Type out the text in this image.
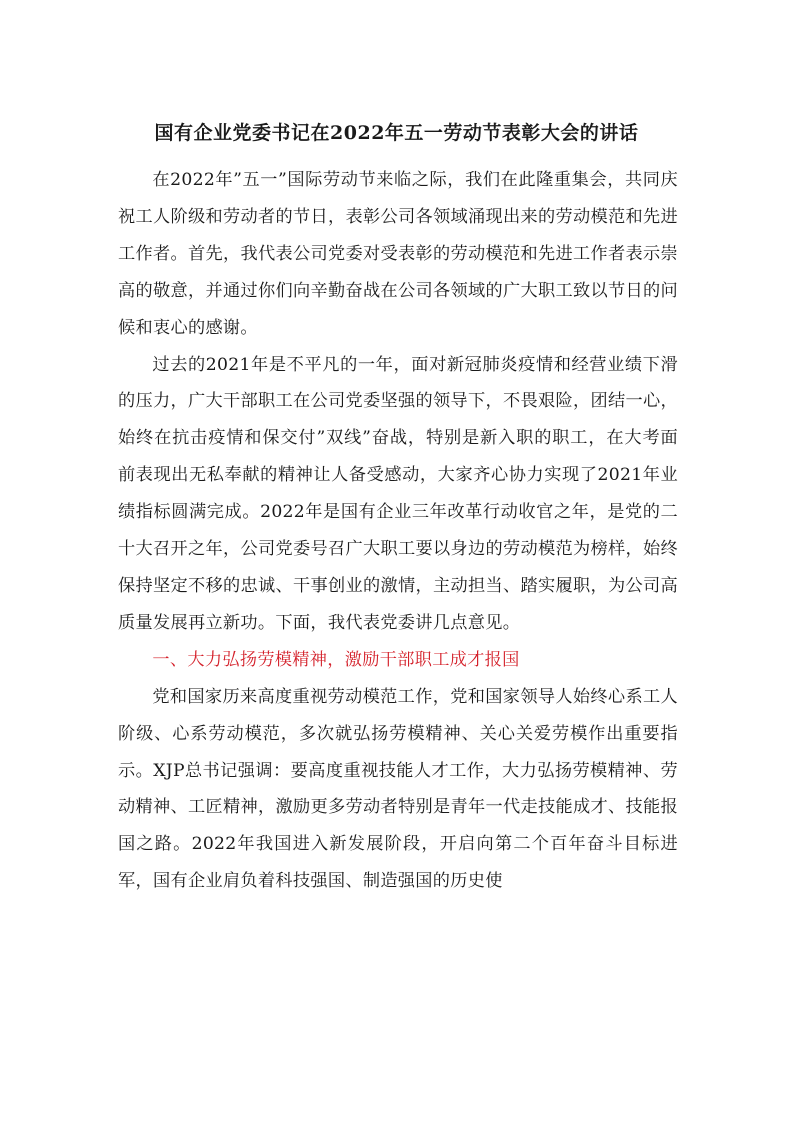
国有企业党委书记在2022年五一劳动节表彰大会的讲话

在2022年”五一”国际劳动节来临之际，我们在此隆重集会，共同庆祝工人阶级和劳动者的节日，表彰公司各领域涌现出来的劳动模范和先进工作者。首先，我代表公司党委对受表彰的劳动模范和先进工作者表示崇高的敬意，并通过你们向辛勤奋战在公司各领域的广大职工致以节日的问候和衷心的感谢。

过去的2021年是不平凡的一年，面对新冠肺炎疫情和经营业绩下滑的压力，广大干部职工在公司党委坚强的领导下，不畏艰险，团结一心，始终在抗击疫情和保交付”双线”奋战，特别是新入职的职工，在大考面前表现出无私奉献的精神让人备受感动，大家齐心协力实现了2021年业绩指标圆满完成。2022年是国有企业三年改革行动收官之年，是党的二十大召开之年，公司党委号召广大职工要以身边的劳动模范为榜样，始终保持坚定不移的忠诚、干事创业的激情，主动担当、踏实履职，为公司高质量发展再立新功。下面，我代表党委讲几点意见。

一、大力弘扬劳模精神，激励干部职工成才报国

党和国家历来高度重视劳动模范工作，党和国家领导人始终心系工人阶级、心系劳动模范，多次就弘扬劳模精神、关心关爱劳模作出重要指示。XJP总书记强调：要高度重视技能人才工作，大力弘扬劳模精神、劳动精神、工匠精神，激励更多劳动者特别是青年一代走技能成才、技能报国之路。2022年我国进入新发展阶段，开启向第二个百年奋斗目标进军，国有企业肩负着科技强国、制造强国的历史使
